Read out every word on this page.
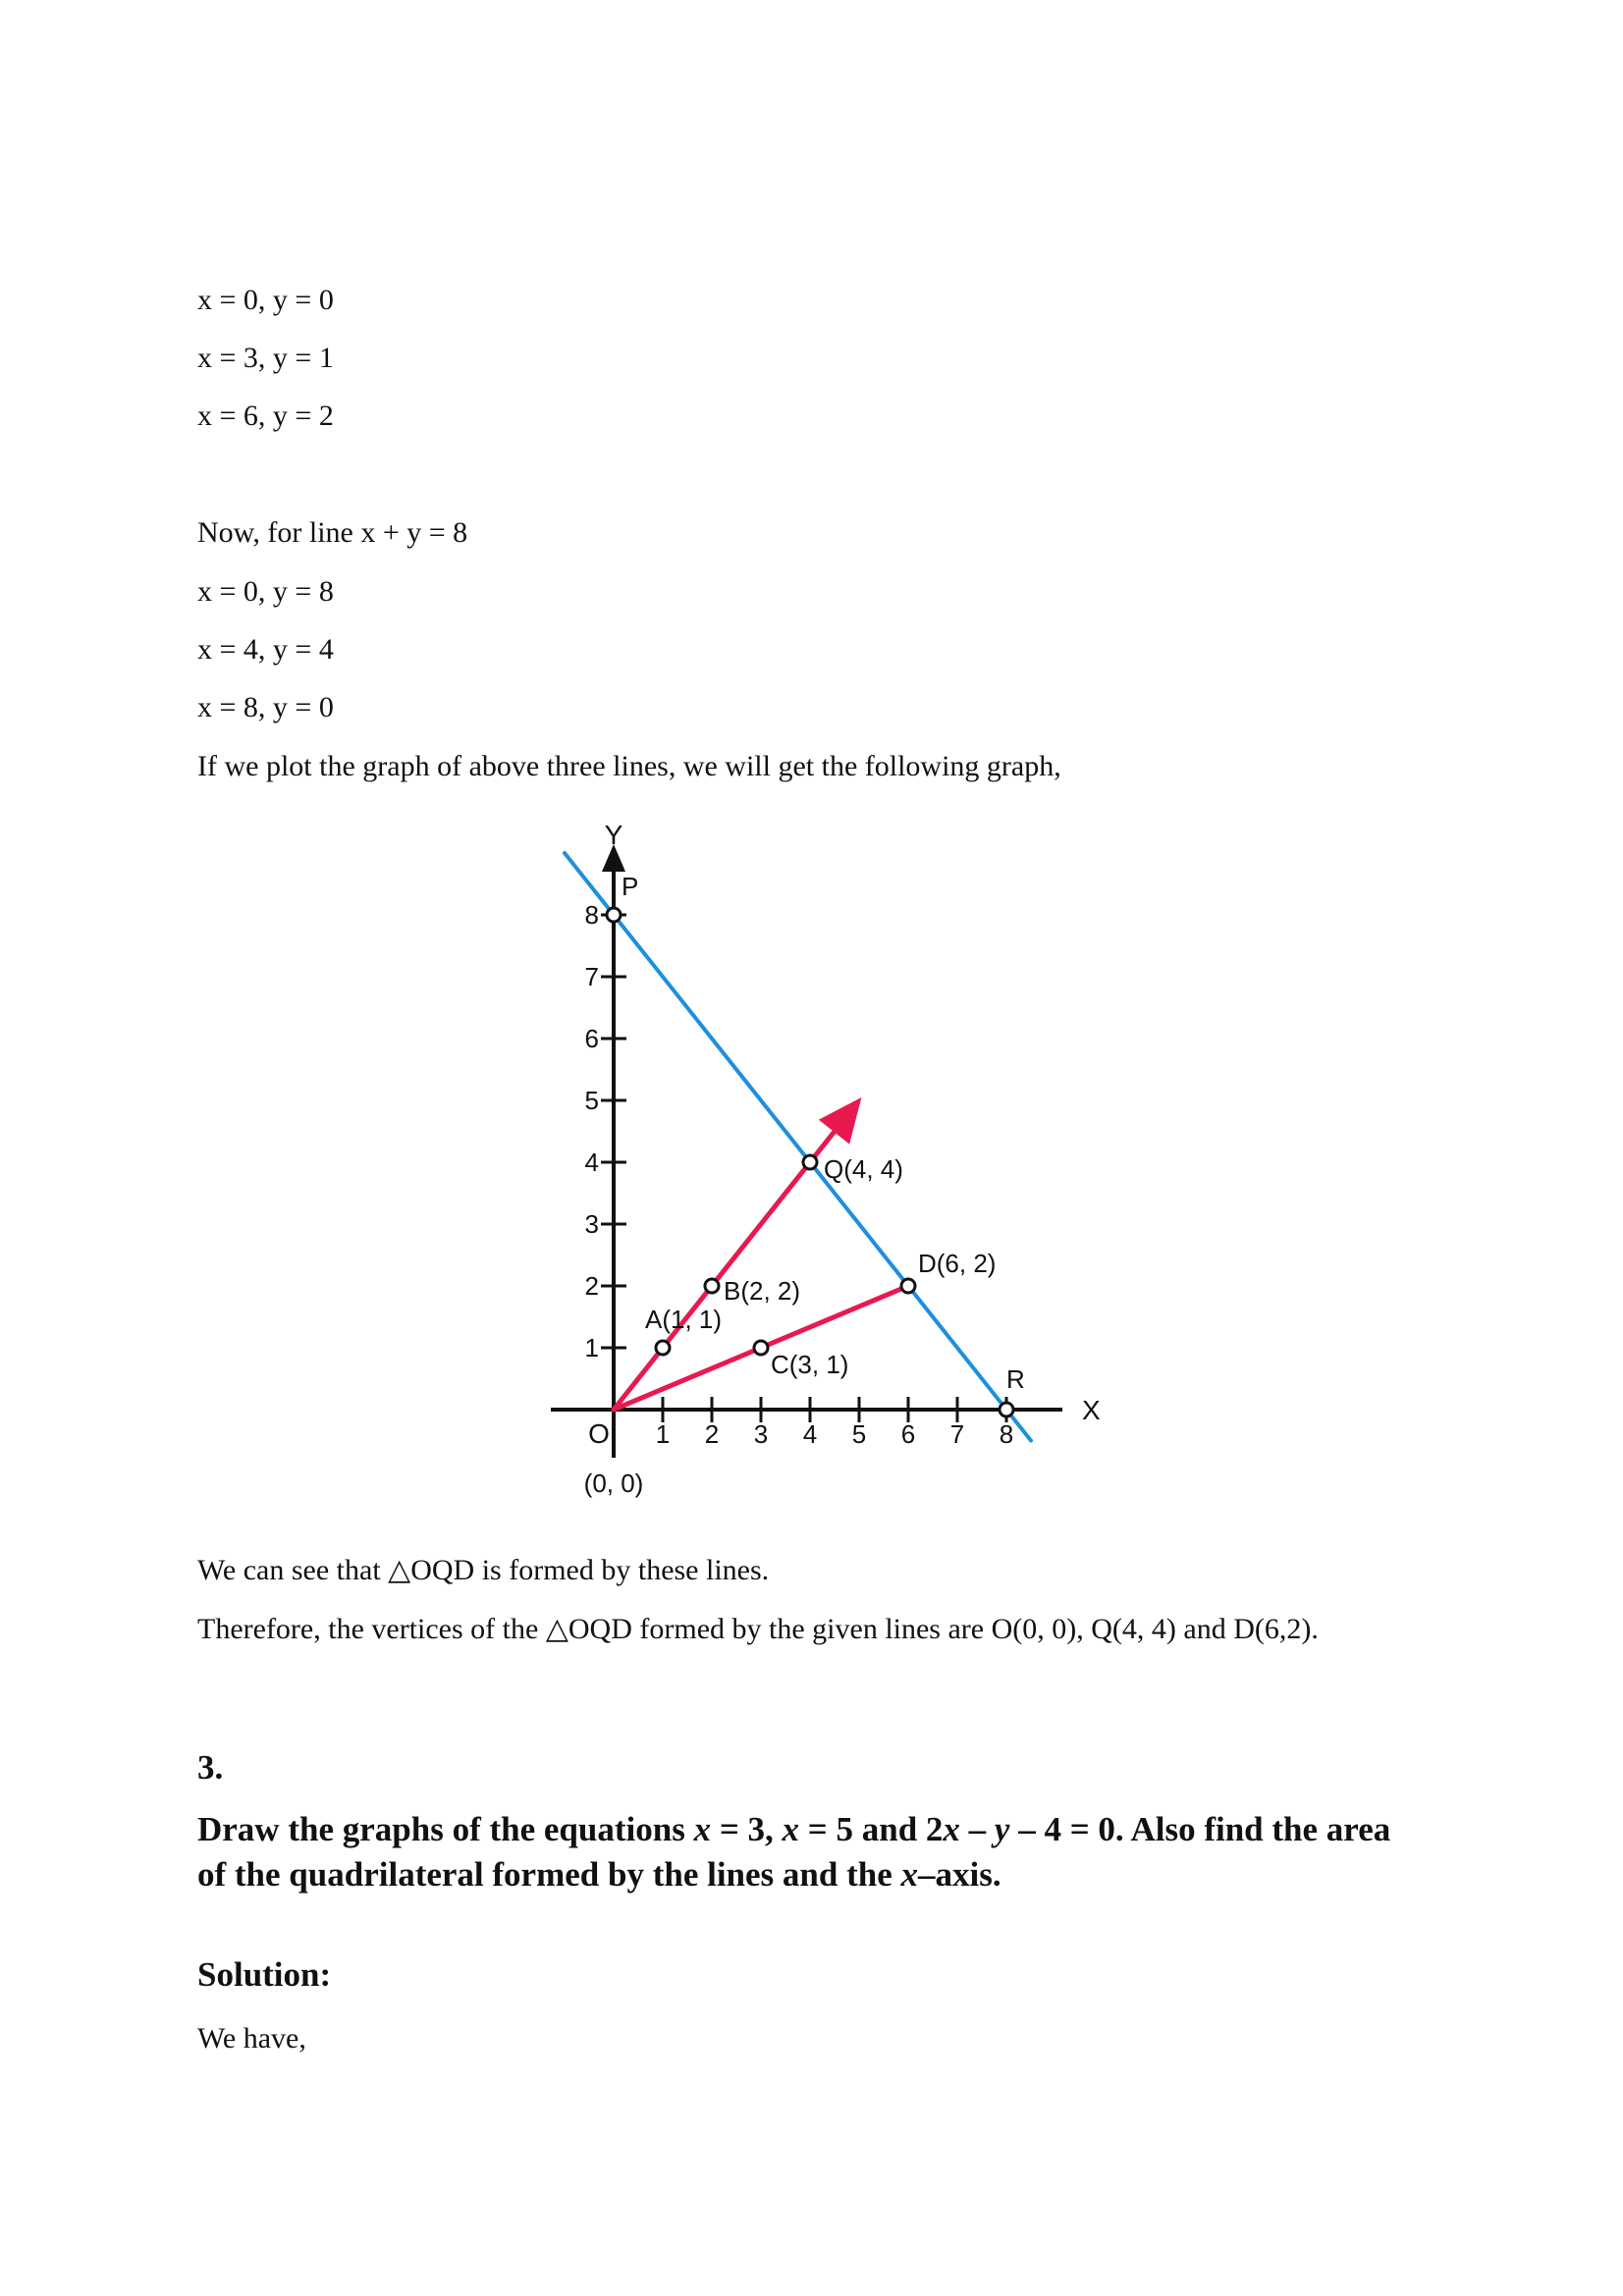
x = 0, y = 0
x = 3, y = 1
x = 6, y = 2
Now, for line x + y = 8
x = 0, y = 8
x = 4, y = 4
x = 8, y = 0
If we plot the graph of above three lines, we will get the following graph,
X
Y
O
(0, 0)
1 2 3 4 5 6 7 8
1
2
3
4
5
6
7
8
P
A(1, 1)
B(2, 2)
C(3, 1)
Q(4, 4)
D(6, 2)
R
We can see that △OQD is formed by these lines.
Therefore, the vertices of the △OQD formed by the given lines are O(0, 0), Q(4, 4) and D(6,2).
3.
Draw the graphs of the equations x = 3, x = 5 and 2x – y – 4 = 0. Also find the area of the quadrilateral formed by the lines and the x–axis.
Solution:
We have,
